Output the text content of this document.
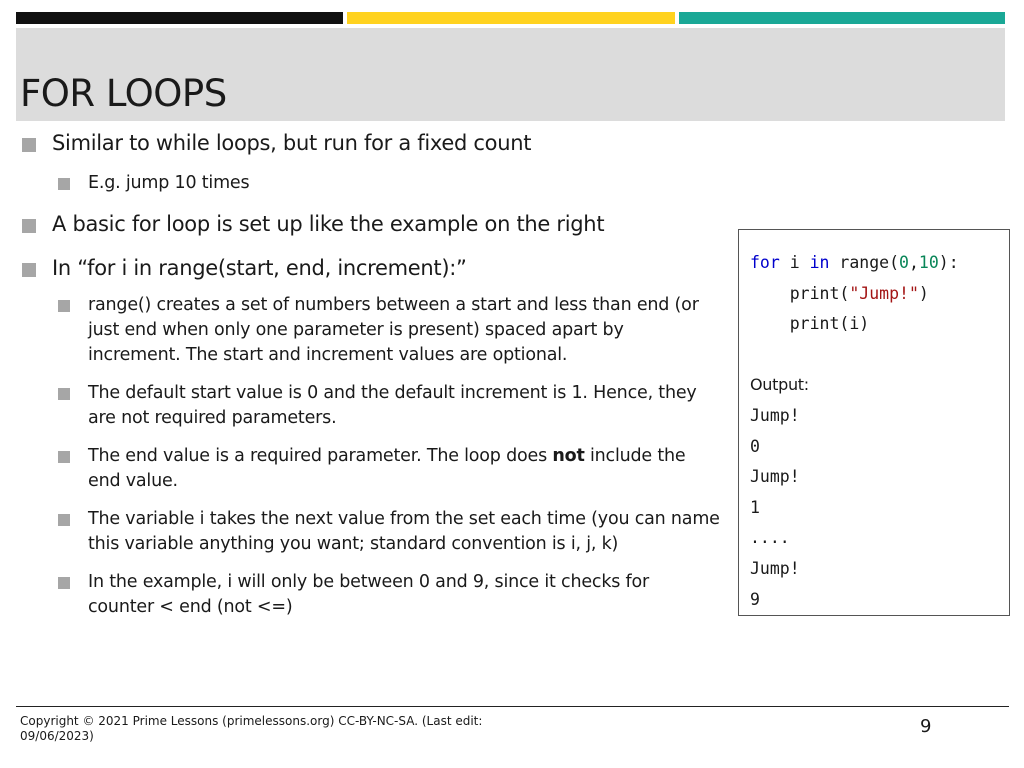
FOR LOOPS
Similar to while loops, but run for a fixed count
E.g. jump 10 times
A basic for loop is set up like the example on the right
In “for i in range(start, end, increment):”
range() creates a set of numbers between a start and less than end (or just end when only one parameter is present) spaced apart by increment. The start and increment values are optional.
The default start value is 0 and the default increment is 1. Hence, they are not required parameters.
The end value is a required parameter. The loop does not include the end value.
The variable i takes the next value from the set each time (you can name this variable anything you want; standard convention is i, j, k)
In the example, i will only be between 0 and 9, since it checks for counter < end (not <=)
for i in range(0,10):
print("Jump!")
print(i)

Output:
Jump!
0
Jump!
1
....
Jump!
9
Copyright © 2021 Prime Lessons (primelessons.org) CC-BY-NC-SA. (Last edit: 09/06/2023)	9
